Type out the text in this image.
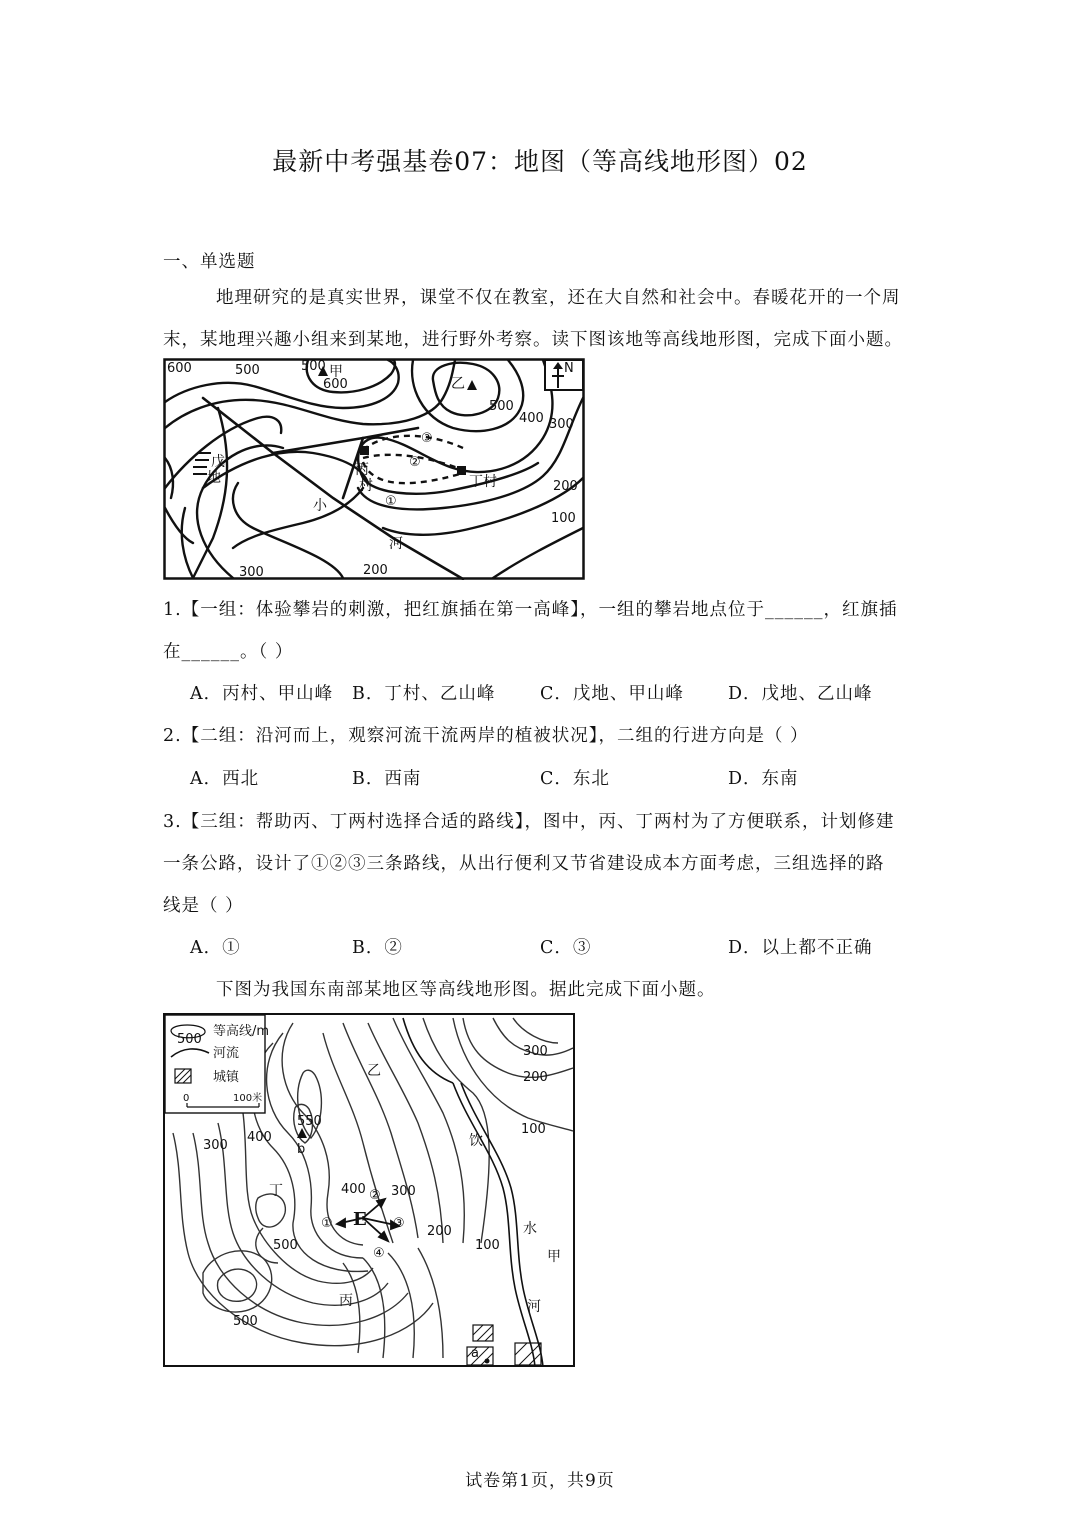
最新中考强基卷07：地图（等高线地形图）02
一、单选题
地理研究的是真实世界，课堂不仅在教室，还在大自然和社会中。春暖花开的一个周
末，某地理兴趣小组来到某地，进行野外考察。读下图该地等高线地形图，完成下面小题。
600	500	500
600
甲
乙
500
400 300
N
戊
地	丙
村	丁村
①
②
③
200
100
小
河
300	200
1.【一组：体验攀岩的刺激，把红旗插在第一高峰】，一组的攀岩地点位于______，红旗插
在______。（ ）
A．丙村、甲山峰 B．丁村、乙山峰	C．戊地、甲山峰	D．戊地、乙山峰
2.【二组：沿河而上，观察河流干流两岸的植被状况】，二组的行进方向是（ ）
A．西北	B．西南	C．东北	D．东南
3.【三组：帮助丙、丁两村选择合适的路线】，图中，丙、丁两村为了方便联系，计划修建
一条公路，设计了①②③三条路线，从出行便利又节省建设成本方面考虑，三组选择的路
线是（ ）
A．①	B．②	C．③	D．以上都不正确
下图为我国东南部某地区等高线地形图。据此完成下面小题。
等高线/m
河流
城镇
0	100米
500
300
200
乙
100
550
b
300
400	饮
丁	400 300
②
E
①	③
200
④
100
水
甲
500
丙	河
500
a
试卷第1页，共9页
